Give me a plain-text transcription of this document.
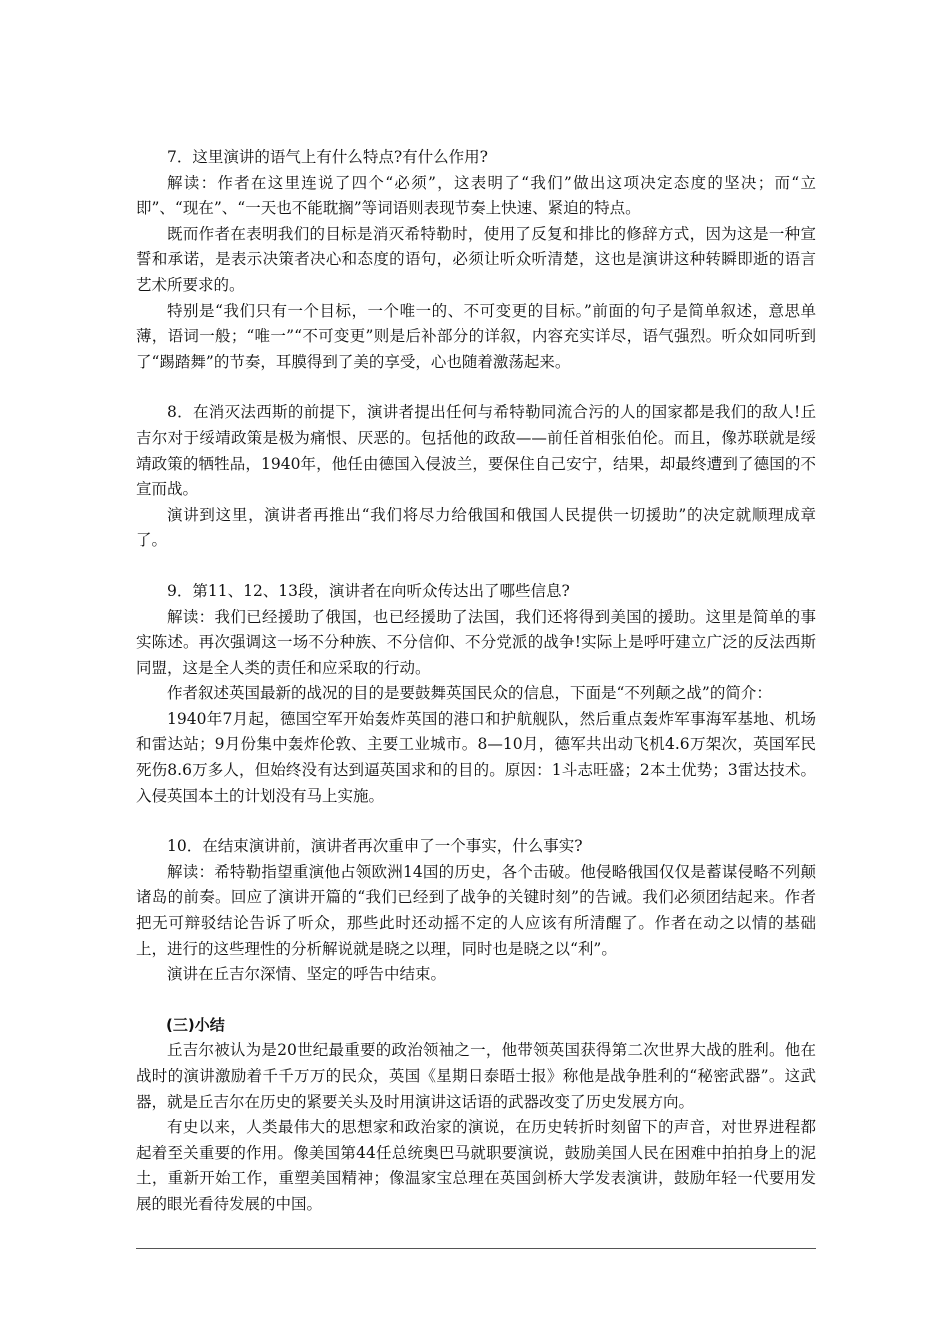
7．这里演讲的语气上有什么特点?有什么作用?

解读：作者在这里连说了四个“必须”，这表明了“我们”做出这项决定态度的坚决；而“立即”、“现在”、“一天也不能耽搁”等词语则表现节奏上快速、紧迫的特点。

既而作者在表明我们的目标是消灭希特勒时，使用了反复和排比的修辞方式，因为这是一种宣誓和承诺，是表示决策者决心和态度的语句，必须让听众听清楚，这也是演讲这种转瞬即逝的语言艺术所要求的。

特别是“我们只有一个目标，一个唯一的、不可变更的目标。”前面的句子是简单叙述，意思单薄，语词一般；“唯一”“不可变更”则是后补部分的详叙，内容充实详尽，语气强烈。听众如同听到了“踢踏舞”的节奏，耳膜得到了美的享受，心也随着激荡起来。

8．在消灭法西斯的前提下，演讲者提出任何与希特勒同流合污的人的国家都是我们的敌人!丘吉尔对于绥靖政策是极为痛恨、厌恶的。包括他的政敌——前任首相张伯伦。而且，像苏联就是绥靖政策的牺牲品，1940年，他任由德国入侵波兰，要保住自己安宁，结果，却最终遭到了德国的不宣而战。

演讲到这里，演讲者再推出“我们将尽力给俄国和俄国人民提供一切援助”的决定就顺理成章了。

9．第11、12、13段，演讲者在向听众传达出了哪些信息?

解读：我们已经援助了俄国，也已经援助了法国，我们还将得到美国的援助。这里是简单的事实陈述。再次强调这一场不分种族、不分信仰、不分党派的战争!实际上是呼吁建立广泛的反法西斯同盟，这是全人类的责任和应采取的行动。

作者叙述英国最新的战况的目的是要鼓舞英国民众的信息，下面是“不列颠之战”的简介：

1940年7月起，德国空军开始轰炸英国的港口和护航舰队，然后重点轰炸军事海军基地、机场和雷达站；9月份集中轰炸伦敦、主要工业城市。8—10月，德军共出动飞机4.6万架次，英国军民死伤8.6万多人，但始终没有达到逼英国求和的目的。原因：1斗志旺盛；2本土优势；3雷达技术。入侵英国本土的计划没有马上实施。

10．在结束演讲前，演讲者再次重申了一个事实，什么事实?

解读：希特勒指望重演他占领欧洲14国的历史，各个击破。他侵略俄国仅仅是蓄谋侵略不列颠诸岛的前奏。回应了演讲开篇的“我们已经到了战争的关键时刻”的告诫。我们必须团结起来。作者把无可辩驳结论告诉了听众，那些此时还动摇不定的人应该有所清醒了。作者在动之以情的基础上，进行的这些理性的分析解说就是晓之以理，同时也是晓之以“利”。

演讲在丘吉尔深情、坚定的呼告中结束。

(三)小结

丘吉尔被认为是20世纪最重要的政治领袖之一，他带领英国获得第二次世界大战的胜利。他在战时的演讲激励着千千万万的民众，英国《星期日泰晤士报》称他是战争胜利的“秘密武器”。这武器，就是丘吉尔在历史的紧要关头及时用演讲这话语的武器改变了历史发展方向。

有史以来，人类最伟大的思想家和政治家的演说，在历史转折时刻留下的声音，对世界进程都起着至关重要的作用。像美国第44任总统奥巴马就职要演说，鼓励美国人民在困难中拍拍身上的泥土，重新开始工作，重塑美国精神；像温家宝总理在英国剑桥大学发表演讲，鼓励年轻一代要用发展的眼光看待发展的中国。
